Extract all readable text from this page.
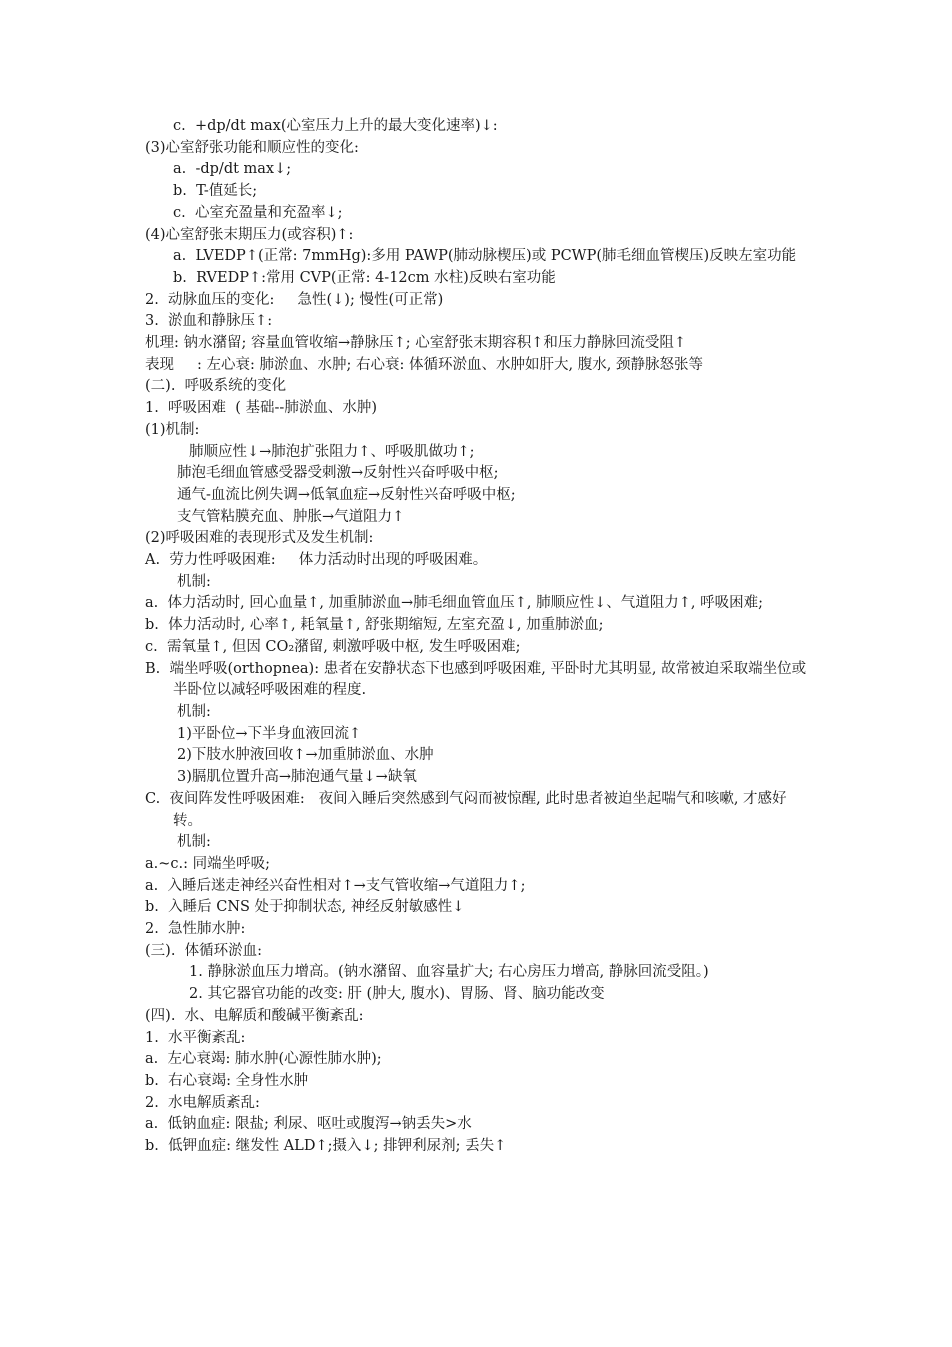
c.  +dp/dt max(心室压力上升的最大变化速率)↓:
(3)心室舒张功能和顺应性的变化:
a.  -dp/dt max↓;
b.  T-值延长;
c.  心室充盈量和充盈率↓;
(4)心室舒张末期压力(或容积)↑:
a.  LVEDP↑(正常: 7mmHg):多用 PAWP(肺动脉楔压)或 PCWP(肺毛细血管楔压)反映左室功能
b.  RVEDP↑:常用 CVP(正常: 4-12cm 水柱)反映右室功能
2.  动脉血压的变化:     急性(↓); 慢性(可正常)
3.  淤血和静脉压↑:
机理: 钠水潴留; 容量血管收缩→静脉压↑; 心室舒张末期容积↑和压力静脉回流受阻↑
表现     : 左心衰: 肺淤血、水肿; 右心衰: 体循环淤血、水肿如肝大, 腹水, 颈静脉怒张等
(二).  呼吸系统的变化
1.  呼吸困难  ( 基础--肺淤血、水肿)
(1)机制:
肺顺应性↓→肺泡扩张阻力↑、呼吸肌做功↑;
肺泡毛细血管感受器受刺激→反射性兴奋呼吸中枢;
通气-血流比例失调→低氧血症→反射性兴奋呼吸中枢;
支气管粘膜充血、肿胀→气道阻力↑
(2)呼吸困难的表现形式及发生机制:
A.  劳力性呼吸困难:     体力活动时出现的呼吸困难。
机制:
a.  体力活动时, 回心血量↑, 加重肺淤血→肺毛细血管血压↑, 肺顺应性↓、气道阻力↑, 呼吸困难;
b.  体力活动时, 心率↑, 耗氧量↑, 舒张期缩短, 左室充盈↓, 加重肺淤血;
c.  需氧量↑, 但因 CO₂潴留, 刺激呼吸中枢, 发生呼吸困难;
B.  端坐呼吸(orthopnea): 患者在安静状态下也感到呼吸困难, 平卧时尤其明显, 故常被迫采取端坐位或半卧位以减轻呼吸困难的程度.
机制:
1)平卧位→下半身血液回流↑
2)下肢水肿液回收↑→加重肺淤血、水肿
3)膈肌位置升高→肺泡通气量↓→缺氧
C.  夜间阵发性呼吸困难:   夜间入睡后突然感到气闷而被惊醒, 此时患者被迫坐起喘气和咳嗽, 才感好转。
机制:
a.~c.: 同端坐呼吸;
a.  入睡后迷走神经兴奋性相对↑→支气管收缩→气道阻力↑;
b.  入睡后 CNS 处于抑制状态, 神经反射敏感性↓
2.  急性肺水肿:
(三).  体循环淤血:
1. 静脉淤血压力增高。(钠水潴留、血容量扩大; 右心房压力增高, 静脉回流受阻。)
2. 其它器官功能的改变: 肝 (肿大, 腹水)、胃肠、肾、脑功能改变
(四).  水、电解质和酸碱平衡紊乱:
1.  水平衡紊乱:
a.  左心衰竭: 肺水肿(心源性肺水肿);
b.  右心衰竭: 全身性水肿
2.  水电解质紊乱:
a.  低钠血症: 限盐; 利尿、呕吐或腹泻→钠丢失>水
b.  低钾血症: 继发性 ALD↑;摄入↓; 排钾利尿剂; 丢失↑
